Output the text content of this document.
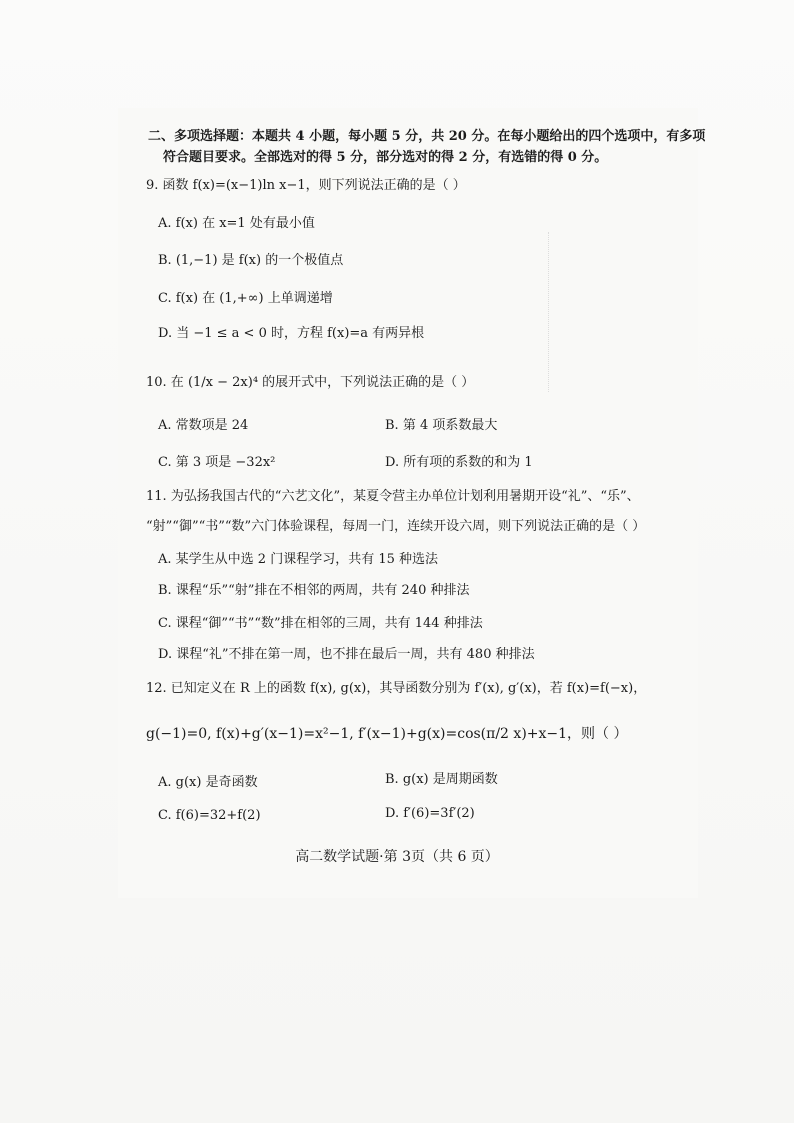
二、多项选择题：本题共 4 小题，每小题 5 分，共 20 分。在每小题给出的四个选项中，有多项
符合题目要求。全部选对的得 5 分，部分选对的得 2 分，有选错的得 0 分。
9. 函数 f(x)=(x−1)ln x−1，则下列说法正确的是（ ）
A. f(x) 在 x=1 处有最小值
B. (1,−1) 是 f(x) 的一个极值点
C. f(x) 在 (1,+∞) 上单调递增
D. 当 −1 ≤ a < 0 时，方程 f(x)=a 有两异根
10. 在 (1/x − 2x)⁴ 的展开式中，下列说法正确的是（ ）
A. 常数项是 24	B. 第 4 项系数最大
C. 第 3 项是 −32x²	D. 所有项的系数的和为 1
11. 为弘扬我国古代的“六艺文化”，某夏令营主办单位计划利用暑期开设“礼”、“乐”、
“射”“御”“书”“数”六门体验课程，每周一门，连续开设六周，则下列说法正确的是（ ）
A. 某学生从中选 2 门课程学习，共有 15 种选法
B. 课程“乐”“射”排在不相邻的两周，共有 240 种排法
C. 课程“御”“书”“数”排在相邻的三周，共有 144 种排法
D. 课程“礼”不排在第一周，也不排在最后一周，共有 480 种排法
12. 已知定义在 R 上的函数 f(x), g(x)，其导函数分别为 f′(x), g′(x)，若 f(x)=f(−x)，
g(−1)=0, f(x)+g′(x−1)=x²−1, f′(x−1)+g(x)=cos(π/2 x)+x−1，则（ ）
A. g(x) 是奇函数	B. g(x) 是周期函数
C. f(6)=32+f(2)	D. f′(6)=3f′(2)
高二数学试题·第 3页（共 6 页）
